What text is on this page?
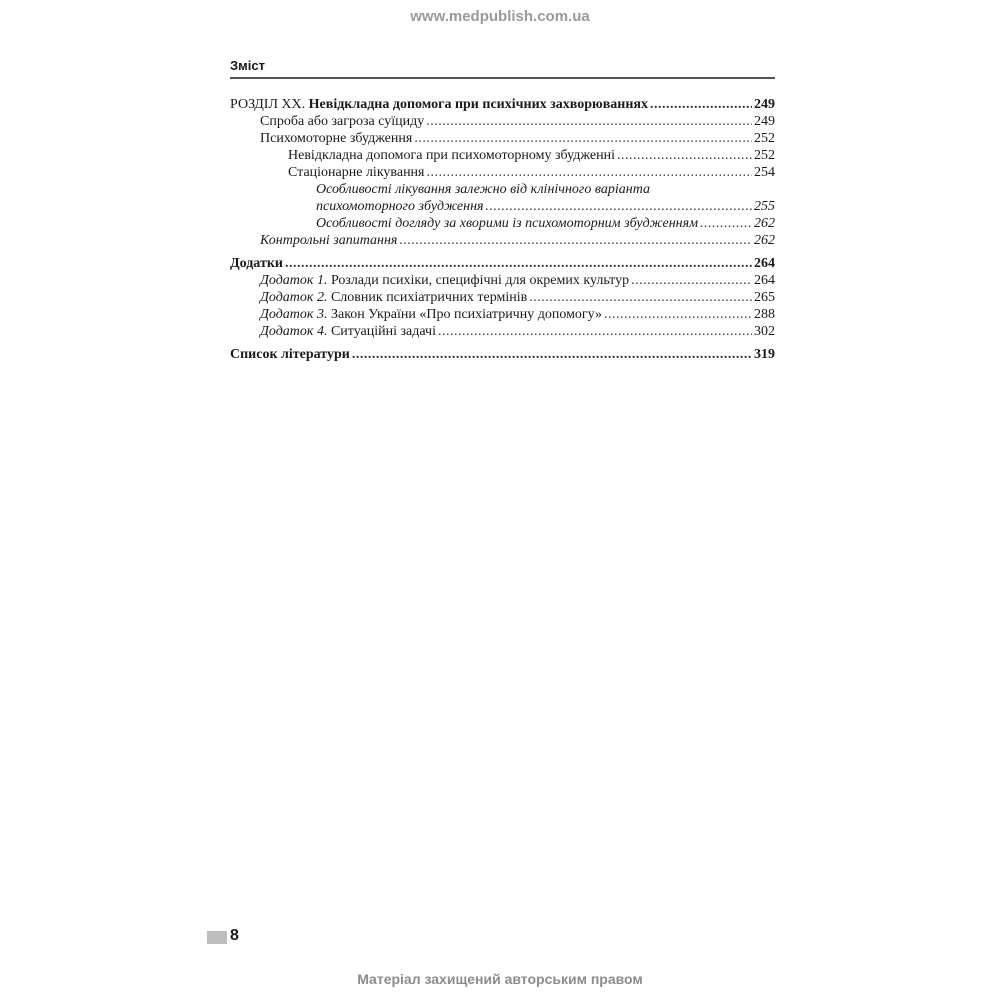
www.medpublish.com.ua
Зміст
РОЗДІЛ XX. Невідкладна допомога при психічних захворюваннях .....	249
Спроба або загроза суїциду .....	249
Психомоторне збудження .....	252
Невідкладна допомога при психомоторному збудженні .....	252
Стаціонарне лікування .....	254
Особливості лікування залежно від клінічного варіанта
психомоторного збудження .....	255
Особливості догляду за хворими із психомоторним збудженням .....	262
Контрольні запитання .....	262
Додатки .....	264
Додаток 1. Розлади психіки, специфічні для окремих культур .....	264
Додаток 2. Словник психіатричних термінів .....	265
Додаток 3. Закон України «Про психіатричну допомогу» .....	288
Додаток 4. Ситуаційні задачі .....	302
Список літератури .....	319
8
Матеріал захищений авторським правом
